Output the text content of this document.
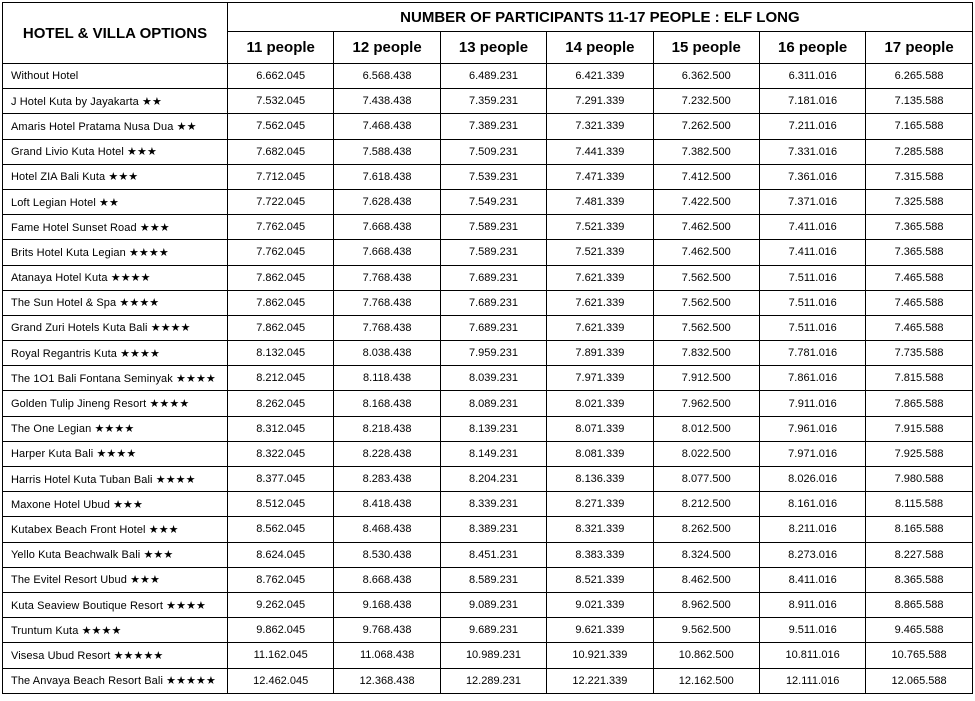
HOTEL & VILLA OPTIONS	NUMBER OF PARTICIPANTS 11-17 PEOPLE : ELF LONG						
	11 people	12 people	13 people	14 people	15 people	16 people	17 people
Without Hotel	6.662.045	6.568.438	6.489.231	6.421.339	6.362.500	6.311.016	6.265.588
J Hotel Kuta by Jayakarta ★★	7.532.045	7.438.438	7.359.231	7.291.339	7.232.500	7.181.016	7.135.588
Amaris Hotel Pratama Nusa Dua ★★	7.562.045	7.468.438	7.389.231	7.321.339	7.262.500	7.211.016	7.165.588
Grand Livio Kuta Hotel ★★★	7.682.045	7.588.438	7.509.231	7.441.339	7.382.500	7.331.016	7.285.588
Hotel ZIA Bali Kuta ★★★	7.712.045	7.618.438	7.539.231	7.471.339	7.412.500	7.361.016	7.315.588
Loft Legian Hotel ★★	7.722.045	7.628.438	7.549.231	7.481.339	7.422.500	7.371.016	7.325.588
Fame Hotel Sunset Road ★★★	7.762.045	7.668.438	7.589.231	7.521.339	7.462.500	7.411.016	7.365.588
Brits Hotel Kuta Legian ★★★★	7.762.045	7.668.438	7.589.231	7.521.339	7.462.500	7.411.016	7.365.588
Atanaya Hotel Kuta ★★★★	7.862.045	7.768.438	7.689.231	7.621.339	7.562.500	7.511.016	7.465.588
The Sun Hotel & Spa ★★★★	7.862.045	7.768.438	7.689.231	7.621.339	7.562.500	7.511.016	7.465.588
Grand Zuri Hotels Kuta Bali ★★★★	7.862.045	7.768.438	7.689.231	7.621.339	7.562.500	7.511.016	7.465.588
Royal Regantris Kuta ★★★★	8.132.045	8.038.438	7.959.231	7.891.339	7.832.500	7.781.016	7.735.588
The 1O1 Bali Fontana Seminyak ★★★★	8.212.045	8.118.438	8.039.231	7.971.339	7.912.500	7.861.016	7.815.588
Golden Tulip Jineng Resort ★★★★	8.262.045	8.168.438	8.089.231	8.021.339	7.962.500	7.911.016	7.865.588
The One Legian ★★★★	8.312.045	8.218.438	8.139.231	8.071.339	8.012.500	7.961.016	7.915.588
Harper Kuta Bali ★★★★	8.322.045	8.228.438	8.149.231	8.081.339	8.022.500	7.971.016	7.925.588
Harris Hotel Kuta Tuban Bali ★★★★	8.377.045	8.283.438	8.204.231	8.136.339	8.077.500	8.026.016	7.980.588
Maxone Hotel Ubud ★★★	8.512.045	8.418.438	8.339.231	8.271.339	8.212.500	8.161.016	8.115.588
Kutabex Beach Front Hotel ★★★	8.562.045	8.468.438	8.389.231	8.321.339	8.262.500	8.211.016	8.165.588
Yello Kuta Beachwalk Bali ★★★	8.624.045	8.530.438	8.451.231	8.383.339	8.324.500	8.273.016	8.227.588
The Evitel Resort Ubud ★★★	8.762.045	8.668.438	8.589.231	8.521.339	8.462.500	8.411.016	8.365.588
Kuta Seaview Boutique Resort ★★★★	9.262.045	9.168.438	9.089.231	9.021.339	8.962.500	8.911.016	8.865.588
Truntum Kuta ★★★★	9.862.045	9.768.438	9.689.231	9.621.339	9.562.500	9.511.016	9.465.588
Visesa Ubud Resort ★★★★★	11.162.045	11.068.438	10.989.231	10.921.339	10.862.500	10.811.016	10.765.588
The Anvaya Beach Resort Bali ★★★★★	12.462.045	12.368.438	12.289.231	12.221.339	12.162.500	12.111.016	12.065.588
